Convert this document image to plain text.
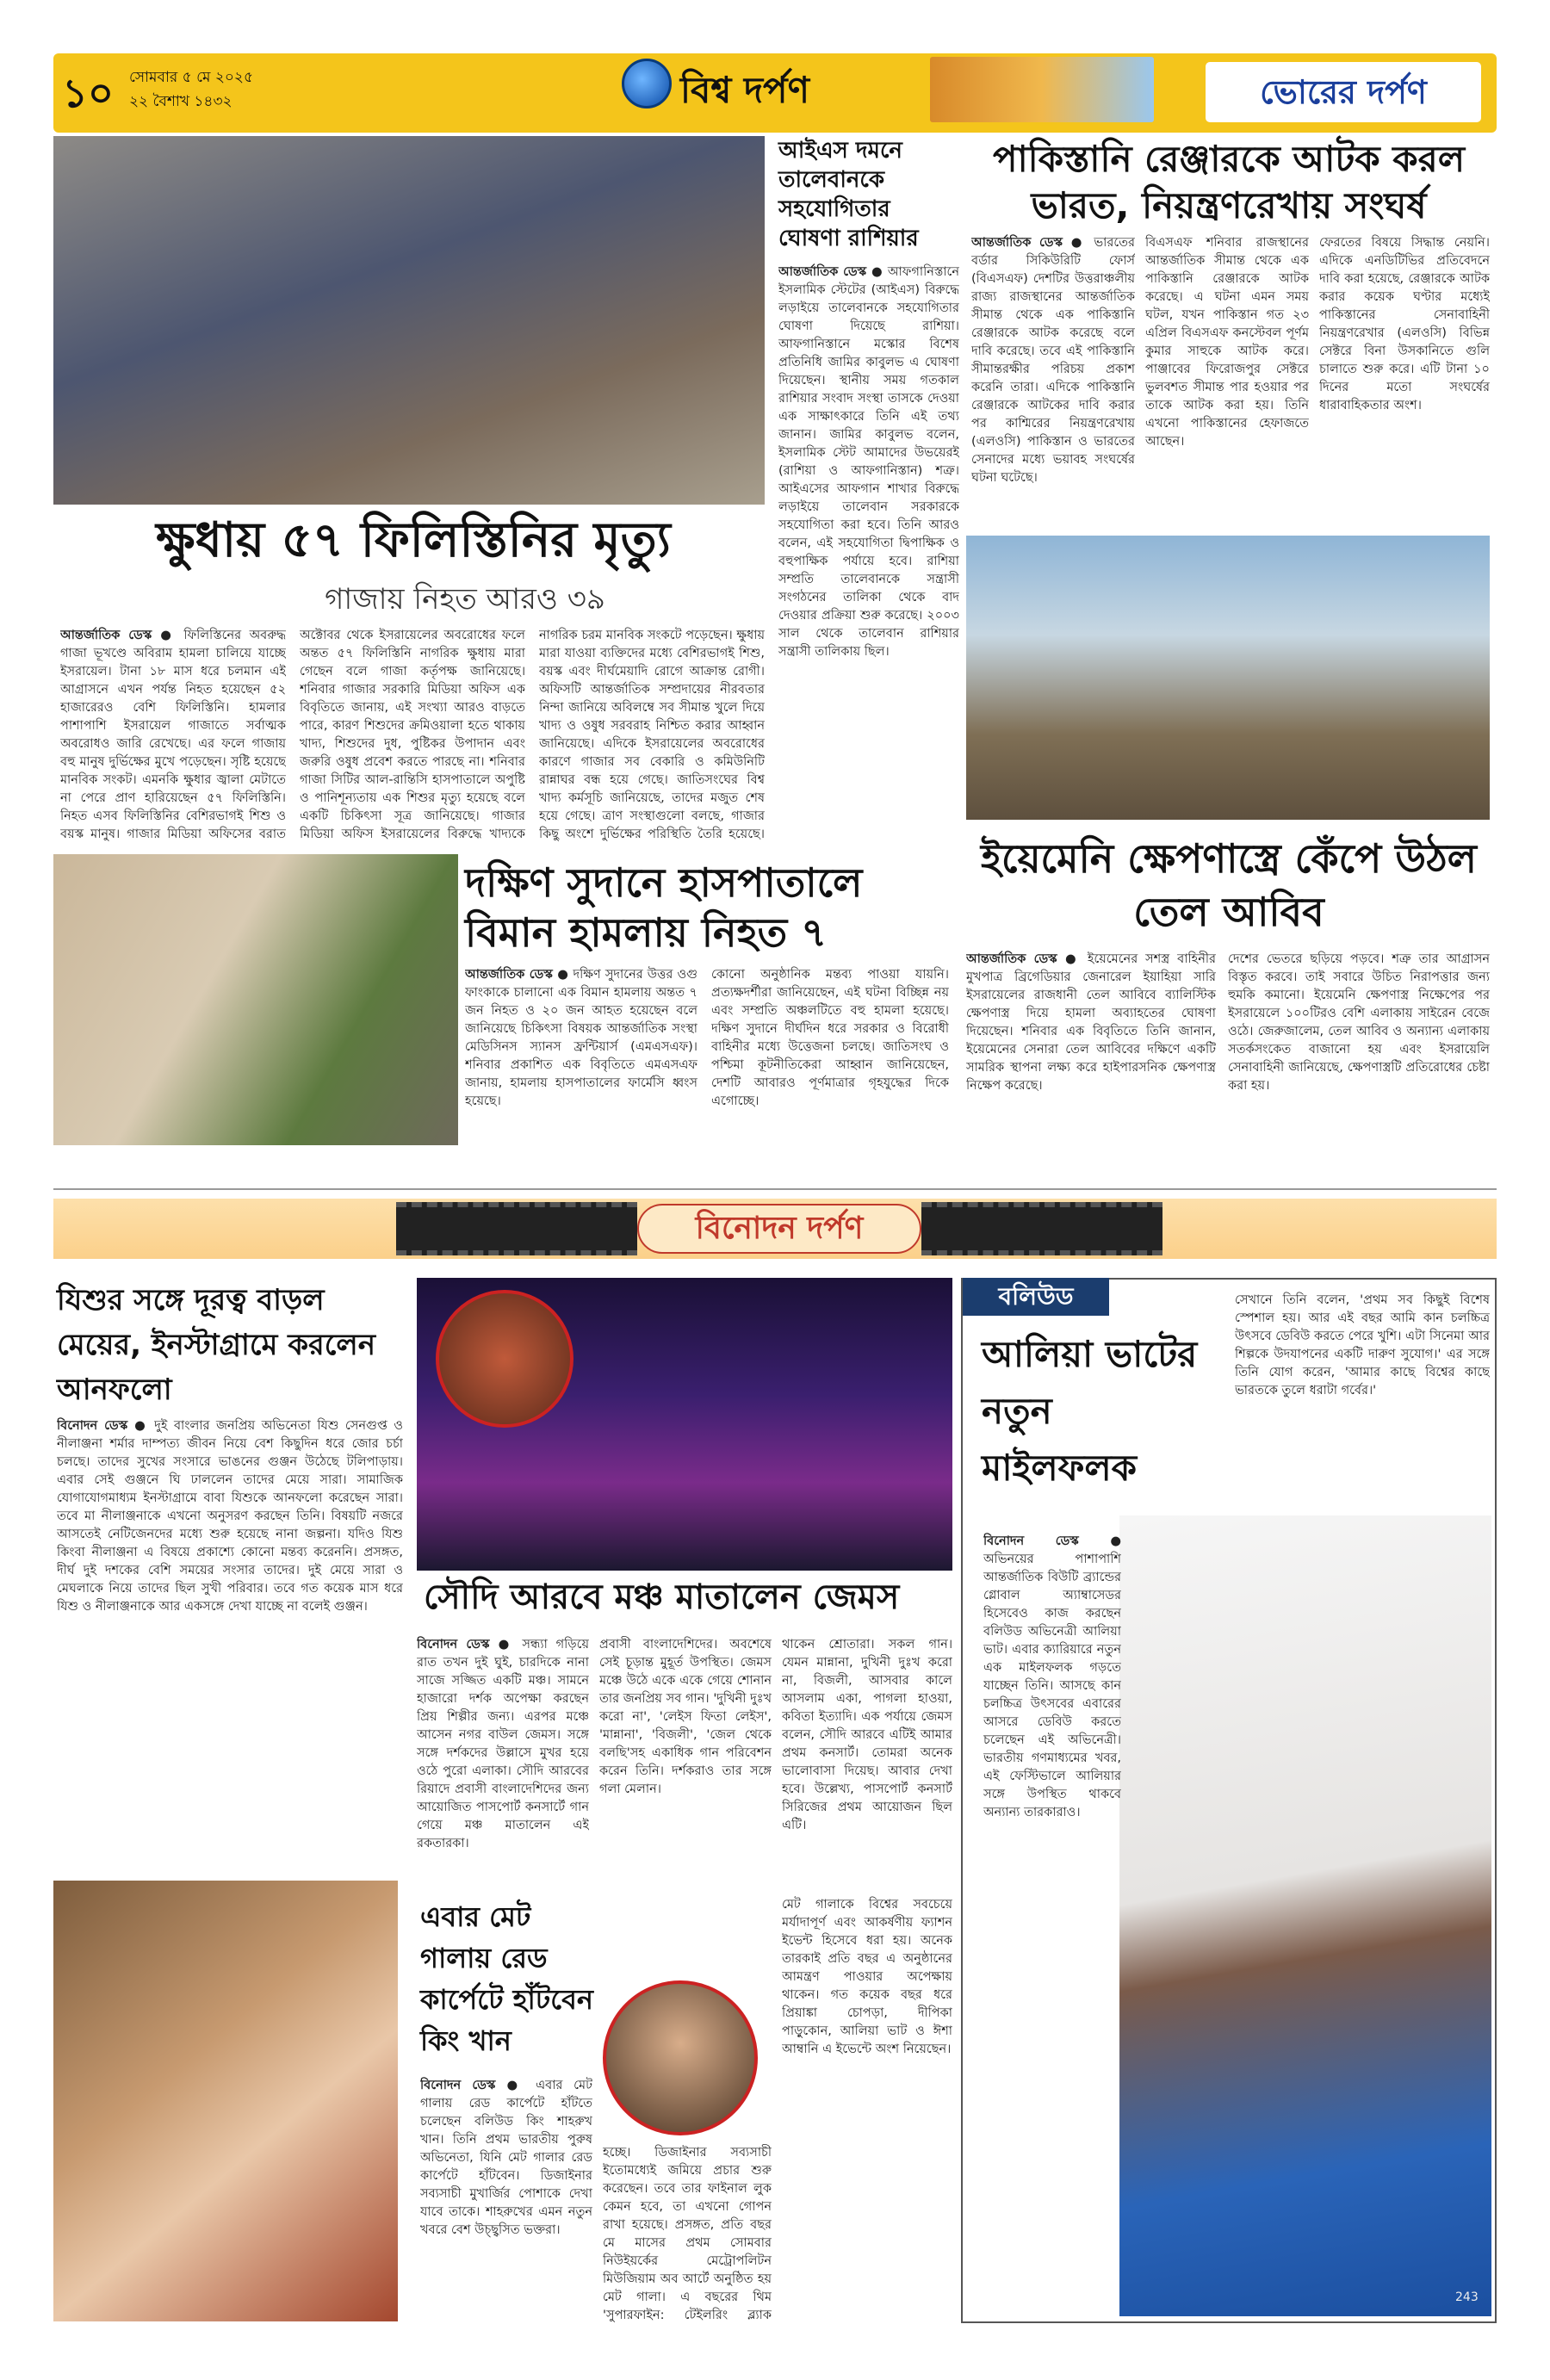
১০	সোমবার ৫ মে ২০২৫
২২ বৈশাখ ১৪৩২	বিশ্ব দর্পণ	ভোরের দর্পণ
ক্ষুধায় ৫৭ ফিলিস্তিনির মৃত্যু
গাজায় নিহত আরও ৩৯
আন্তর্জাতিক ডেস্ক ● ফিলিস্তিনের অবরুদ্ধ গাজা ভূখণ্ডে অবিরাম হামলা চালিয়ে যাচ্ছে ইসরায়েল। টানা ১৮ মাস ধরে চলমান এই আগ্রাসনে এখন পর্যন্ত নিহত হয়েছেন ৫২ হাজারেরও বেশি ফিলিস্তিনি। হামলার পাশাপাশি ইসরায়েল গাজাতে সর্বাত্মক অবরোধও জারি রেখেছে। এর ফলে গাজায় বহু মানুষ দুর্ভিক্ষের মুখে পড়েছেন। সৃষ্টি হয়েছে মানবিক সংকট। এমনকি ক্ষুধার জ্বালা মেটাতে না পেরে প্রাণ হারিয়েছেন ৫৭ ফিলিস্তিনি। নিহত এসব ফিলিস্তিনির বেশিরভাগই শিশু ও বয়স্ক মানুষ। গাজার মিডিয়া অফিসের বরাত
অক্টোবর থেকে ইসরায়েলের অবরোধের ফলে অন্তত ৫৭ ফিলিস্তিনি নাগরিক ক্ষুধায় মারা গেছেন বলে গাজা কর্তৃপক্ষ জানিয়েছে। শনিবার গাজার সরকারি মিডিয়া অফিস এক বিবৃতিতে জানায়, এই সংখ্যা আরও বাড়তে পারে, কারণ শিশুদের ক্রমিওয়ালা হতে থাকায় খাদ্য, শিশুদের দুধ, পুষ্টিকর উপাদান এবং জরুরি ওষুধ প্রবেশ করতে পারছে না। শনিবার গাজা সিটির আল-রান্তিসি হাসপাতালে অপুষ্টি ও পানিশূন্যতায় এক শিশুর মৃত্যু হয়েছে বলে একটি চিকিৎসা সূত্র জানিয়েছে। গাজার মিডিয়া অফিস ইসরায়েলের বিরুদ্ধে খাদ্যকে
নাগরিক চরম মানবিক সংকটে পড়েছেন। ক্ষুধায় মারা যাওয়া ব্যক্তিদের মধ্যে বেশিরভাগই শিশু, বয়স্ক এবং দীর্ঘমেয়াদি রোগে আক্রান্ত রোগী। অফিসটি আন্তর্জাতিক সম্প্রদায়ের নীরবতার নিন্দা জানিয়ে অবিলম্বে সব সীমান্ত খুলে দিয়ে খাদ্য ও ওষুধ সরবরাহ নিশ্চিত করার আহ্বান জানিয়েছে। এদিকে ইসরায়েলের অবরোধের কারণে গাজার সব বেকারি ও কমিউনিটি রান্নাঘর বন্ধ হয়ে গেছে। জাতিসংঘের বিশ্ব খাদ্য কর্মসূচি জানিয়েছে, তাদের মজুত শেষ হয়ে গেছে। ত্রাণ সংস্থাগুলো বলছে, গাজার কিছু অংশে দুর্ভিক্ষের পরিস্থিতি তৈরি হয়েছে।
আইএস দমনে তালেবানকে সহযোগিতার ঘোষণা রাশিয়ার
আন্তর্জাতিক ডেস্ক ● আফগানিস্তানে ইসলামিক স্টেটের (আইএস) বিরুদ্ধে লড়াইয়ে তালেবানকে সহযোগিতার ঘোষণা দিয়েছে রাশিয়া। আফগানিস্তানে মস্কোর বিশেষ প্রতিনিধি জামির কাবুলভ এ ঘোষণা দিয়েছেন। স্থানীয় সময় গতকাল রাশিয়ার সংবাদ সংস্থা তাসকে দেওয়া এক সাক্ষাৎকারে তিনি এই তথ্য জানান। জামির কাবুলভ বলেন, ইসলামিক স্টেট আমাদের উভয়েরই (রাশিয়া ও আফগানিস্তান) শত্রু। আইএসের আফগান শাখার বিরুদ্ধে লড়াইয়ে তালেবান সরকারকে সহযোগিতা করা হবে। তিনি আরও বলেন, এই সহযোগিতা দ্বিপাক্ষিক ও বহুপাক্ষিক পর্যায়ে হবে। রাশিয়া সম্প্রতি তালেবানকে সন্ত্রাসী সংগঠনের তালিকা থেকে বাদ দেওয়ার প্রক্রিয়া শুরু করেছে। ২০০৩ সাল থেকে তালেবান রাশিয়ার সন্ত্রাসী তালিকায় ছিল।
পাকিস্তানি রেঞ্জারকে আটক করল ভারত, নিয়ন্ত্রণরেখায় সংঘর্ষ
আন্তর্জাতিক ডেস্ক ● ভারতের বর্ডার সিকিউরিটি ফোর্স (বিএসএফ) দেশটির উত্তরাঞ্চলীয় রাজ্য রাজস্থানের আন্তর্জাতিক সীমান্ত থেকে এক পাকিস্তানি রেঞ্জারকে আটক করেছে বলে দাবি করেছে। তবে এই পাকিস্তানি সীমান্তরক্ষীর পরিচয় প্রকাশ করেনি তারা। এদিকে পাকিস্তানি রেঞ্জারকে আটকের দাবি করার পর কাশ্মিরের নিয়ন্ত্রণরেখায় (এলওসি) পাকিস্তান ও ভারতের সেনাদের মধ্যে ভয়াবহ সংঘর্ষের ঘটনা ঘটেছে।
বিএসএফ শনিবার রাজস্থানের আন্তর্জাতিক সীমান্ত থেকে এক পাকিস্তানি রেঞ্জারকে আটক করেছে। এ ঘটনা এমন সময় ঘটল, যখন পাকিস্তান গত ২৩ এপ্রিল বিএসএফ কনস্টেবল পূর্ণম কুমার সাহুকে আটক করে। পাঞ্জাবের ফিরোজপুর সেক্টরে ভুলবশত সীমান্ত পার হওয়ার পর তাকে আটক করা হয়। তিনি এখনো পাকিস্তানের হেফাজতে আছেন।
ফেরতের বিষয়ে সিদ্ধান্ত নেয়নি। এদিকে এনডিটিভির প্রতিবেদনে দাবি করা হয়েছে, রেঞ্জারকে আটক করার কয়েক ঘণ্টার মধ্যেই পাকিস্তানের সেনাবাহিনী নিয়ন্ত্রণরেখার (এলওসি) বিভিন্ন সেক্টরে বিনা উসকানিতে গুলি চালাতে শুরু করে। এটি টানা ১০ দিনের মতো সংঘর্ষের ধারাবাহিকতার অংশ।
দক্ষিণ সুদানে হাসপাতালে বিমান হামলায় নিহত ৭
আন্তর্জাতিক ডেস্ক ● দক্ষিণ সুদানের উত্তর ওগু ফাংকাকে চালানো এক বিমান হামলায় অন্তত ৭ জন নিহত ও ২০ জন আহত হয়েছেন বলে জানিয়েছে চিকিৎসা বিষয়ক আন্তর্জাতিক সংস্থা মেডিসিনস স্যানস ফ্রন্টিয়ার্স (এমএসএফ)। শনিবার প্রকাশিত এক বিবৃতিতে এমএসএফ জানায়, হামলায় হাসপাতালের ফার্মেসি ধ্বংস হয়েছে।
কোনো অনুষ্ঠানিক মন্তব্য পাওয়া যায়নি। প্রত্যক্ষদর্শীরা জানিয়েছেন, এই ঘটনা বিচ্ছিন্ন নয় এবং সম্প্রতি অঞ্চলটিতে বহু হামলা হয়েছে। দক্ষিণ সুদানে দীর্ঘদিন ধরে সরকার ও বিরোধী বাহিনীর মধ্যে উত্তেজনা চলছে। জাতিসংঘ ও পশ্চিমা কূটনীতিকেরা আহ্বান জানিয়েছেন, দেশটি আবারও পূর্ণমাত্রার গৃহযুদ্ধের দিকে এগোচ্ছে।
ইয়েমেনি ক্ষেপণাস্ত্রে কেঁপে উঠল তেল আবিব
আন্তর্জাতিক ডেস্ক ● ইয়েমেনের সশস্ত্র বাহিনীর মুখপাত্র ব্রিগেডিয়ার জেনারেল ইয়াহিয়া সারি ইসরায়েলের রাজধানী তেল আবিবে ব্যালিস্টিক ক্ষেপণাস্ত্র দিয়ে হামলা অব্যাহতের ঘোষণা দিয়েছেন। শনিবার এক বিবৃতিতে তিনি জানান, ইয়েমেনের সেনারা তেল আবিবের দক্ষিণে একটি সামরিক স্থাপনা লক্ষ্য করে হাইপারসনিক ক্ষেপণাস্ত্র নিক্ষেপ করেছে।
দেশের ভেতরে ছড়িয়ে পড়বে। শত্রু তার আগ্রাসন বিস্তৃত করবে। তাই সবারে উচিত নিরাপত্তার জন্য হুমকি কমানো। ইয়েমেনি ক্ষেপণাস্ত্র নিক্ষেপের পর ইসরায়েলে ১০০টিরও বেশি এলাকায় সাইরেন বেজে ওঠে। জেরুজালেম, তেল আবিব ও অন্যান্য এলাকায় সতর্কসংকেত বাজানো হয় এবং ইসরায়েলি সেনাবাহিনী জানিয়েছে, ক্ষেপণাস্ত্রটি প্রতিরোধের চেষ্টা করা হয়।
বিনোদন দর্পণ
যিশুর সঙ্গে দূরত্ব বাড়ল মেয়ের, ইনস্টাগ্রামে করলেন আনফলো
বিনোদন ডেস্ক ● দুই বাংলার জনপ্রিয় অভিনেতা যিশু সেনগুপ্ত ও নীলাঞ্জনা শর্মার দাম্পত্য জীবন নিয়ে বেশ কিছুদিন ধরে জোর চর্চা চলছে। তাদের সুখের সংসারে ভাঙনের গুঞ্জন উঠেছে টলিপাড়ায়। এবার সেই গুঞ্জনে ঘি ঢাললেন তাদের মেয়ে সারা। সামাজিক যোগাযোগমাধ্যম ইনস্টাগ্রামে বাবা যিশুকে আনফলো করেছেন সারা। তবে মা নীলাঞ্জনাকে এখনো অনুসরণ করছেন তিনি। বিষয়টি নজরে আসতেই নেটিজেনদের মধ্যে শুরু হয়েছে নানা জল্পনা। যদিও যিশু কিংবা নীলাঞ্জনা এ বিষয়ে প্রকাশ্যে কোনো মন্তব্য করেননি। প্রসঙ্গত, দীর্ঘ দুই দশকের বেশি সময়ের সংসার তাদের। দুই মেয়ে সারা ও মেঘলাকে নিয়ে তাদের ছিল সুখী পরিবার। তবে গত কয়েক মাস ধরে যিশু ও নীলাঞ্জনাকে আর একসঙ্গে দেখা যাচ্ছে না বলেই গুঞ্জন।	সৌদি আরবে মঞ্চ মাতালেন জেমস
বিনোদন ডেস্ক ● সন্ধ্যা গড়িয়ে রাত তখন দুই ঘুই, চারদিকে নানা সাজে সজ্জিত একটি মঞ্চ। সামনে হাজারো দর্শক অপেক্ষা করছেন প্রিয় শিল্পীর জন্য। এরপর মঞ্চে আসেন নগর বাউল জেমস। সঙ্গে সঙ্গে দর্শকদের উল্লাসে মুখর হয়ে ওঠে পুরো এলাকা। সৌদি আরবের রিয়াদে প্রবাসী বাংলাদেশিদের জন্য আয়োজিত পাসপোর্ট কনসার্টে গান গেয়ে মঞ্চ মাতালেন এই রকতারকা।
প্রবাসী বাংলাদেশিদের। অবশেষে সেই চূড়ান্ত মুহূর্ত উপস্থিত। জেমস মঞ্চে উঠে একে একে গেয়ে শোনান তার জনপ্রিয় সব গান। 'দুখিনী দুঃখ করো না', 'লেইস ফিতা লেইস', 'মান্নানা', 'বিজলী', 'জেল থেকে বলছি'সহ একাধিক গান পরিবেশন করেন তিনি। দর্শকরাও তার সঙ্গে গলা মেলান।
থাকেন শ্রোতারা। সকল গান। যেমন মান্নানা, দুখিনী দুঃখ করো না, বিজলী, আসবার কালে আসলাম একা, পাগলা হাওয়া, কবিতা ইত্যাদি। এক পর্যায়ে জেমস বলেন, সৌদি আরবে এটিই আমার প্রথম কনসার্ট। তোমরা অনেক ভালোবাসা দিয়েছ। আবার দেখা হবে। উল্লেখ্য, পাসপোর্ট কনসার্ট সিরিজের প্রথম আয়োজন ছিল এটি।
এবার মেট গালায় রেড কার্পেটে হাঁটবেন কিং খান
বিনোদন ডেস্ক ● এবার মেট গালায় রেড কার্পেটে হাঁটতে চলেছেন বলিউড কিং শাহরুখ খান। তিনি প্রথম ভারতীয় পুরুষ অভিনেতা, যিনি মেট গালার রেড কার্পেটে হাঁটবেন। ডিজাইনার সব্যসাচী মুখার্জির পোশাকে দেখা যাবে তাকে। শাহরুখের এমন নতুন খবরে বেশ উচ্ছ্বসিত ভক্তরা।
হচ্ছে। ডিজাইনার সব্যসাচী ইতোমধ্যেই জমিয়ে প্রচার শুরু করেছেন। তবে তার ফাইনাল লুক কেমন হবে, তা এখনো গোপন রাখা হয়েছে। প্রসঙ্গত, প্রতি বছর মে মাসের প্রথম সোমবার নিউইয়র্কের মেট্রোপলিটন মিউজিয়াম অব আর্টে অনুষ্ঠিত হয় মেট গালা। এ বছরের থিম 'সুপারফাইন: টেইলরিং ব্ল্যাক
মেট গালাকে বিশ্বের সবচেয়ে মর্যাদাপূর্ণ এবং আকর্ষণীয় ফ্যাশন ইভেন্ট হিসেবে ধরা হয়। অনেক তারকাই প্রতি বছর এ অনুষ্ঠানের আমন্ত্রণ পাওয়ার অপেক্ষায় থাকেন। গত কয়েক বছর ধরে প্রিয়াঙ্কা চোপড়া, দীপিকা পাড়ুকোন, আলিয়া ভাট ও ঈশা আম্বানি এ ইভেন্টে অংশ নিয়েছেন।
বলিউড	সেখানে তিনি বলেন, 'প্রথম সব কিছুই বিশেষ স্পেশাল হয়। আর এই বছর আমি কান চলচ্চিত্র উৎসবে ডেবিউ করতে পেরে খুশি। এটা সিনেমা আর শিল্পকে উদযাপনের একটি দারুণ সুযোগ।' এর সঙ্গে তিনি যোগ করেন, 'আমার কাছে বিশ্বের কাছে ভারতকে তুলে ধরাটা গর্বের।'
আলিয়া ভাটের নতুন মাইলফলক
বিনোদন ডেস্ক ● অভিনয়ের পাশাপাশি আন্তর্জাতিক বিউটি ব্র্যান্ডের গ্লোবাল অ্যাম্বাসেডর হিসেবেও কাজ করছেন বলিউড অভিনেত্রী আলিয়া ভাট। এবার ক্যারিয়ারে নতুন এক মাইলফলক গড়তে যাচ্ছেন তিনি। আসছে কান চলচ্চিত্র উৎসবের এবারের আসরে ডেবিউ করতে চলেছেন এই অভিনেত্রী। ভারতীয় গণমাধ্যমের খবর, এই ফেস্টিভালে আলিয়ার সঙ্গে উপস্থিত থাকবে অন্যান্য তারকারাও।
243
